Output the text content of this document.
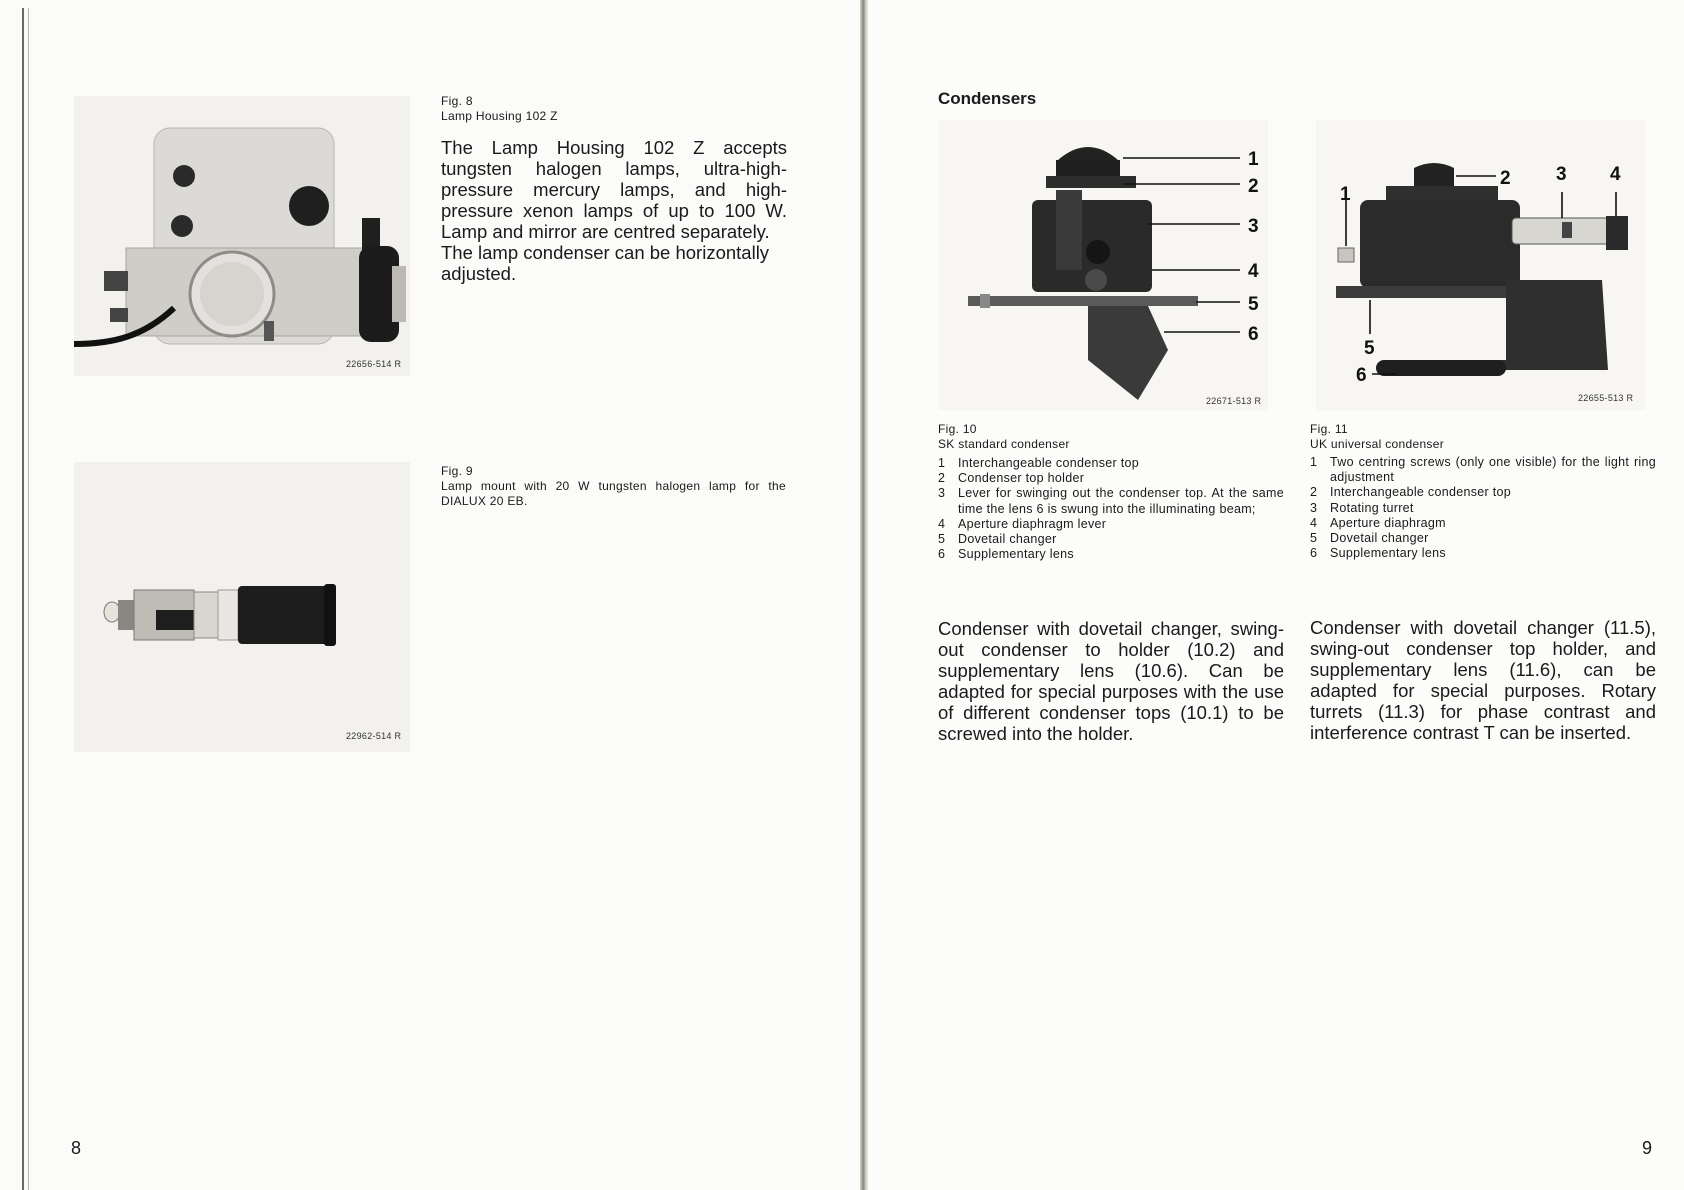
22656-514 R
Fig. 8
Lamp Housing 102 Z
The Lamp Housing 102 Z accepts tungsten halogen lamps, ultra-high-pressure mercury lamps, and high-pressure xenon lamps of up to 100 W. Lamp and mirror are centred separately.
The lamp condenser can be horizontally adjusted.
22962-514 R
Fig. 9
Lamp mount with 20 W tungsten halogen lamp for the DIALUX 20 EB.
8
Condensers
1
2
3
4
5
6
22671-513 R
1
2 3 4
5
6
22655-513 R
Fig. 10
SK standard condenser
1 Interchangeable condenser top
2 Condenser top holder
3 Lever for swinging out the condenser top. At the same time the lens 6 is swung into the illuminating beam;
4 Aperture diaphragm lever
5 Dovetail changer
6 Supplementary lens
Fig. 11
UK universal condenser
1 Two centring screws (only one visible) for the light ring adjustment
2 Interchangeable condenser top
3 Rotating turret
4 Aperture diaphragm
5 Dovetail changer
6 Supplementary lens
Condenser with dovetail changer, swing-out condenser to holder (10.2) and supplementary lens (10.6). Can be adapted for special purposes with the use of different condenser tops (10.1) to be screwed into the holder.
Condenser with dovetail changer (11.5), swing-out condenser top holder, and supplementary lens (11.6), can be adapted for special purposes. Rotary turrets (11.3) for phase contrast and interference contrast T can be inserted.
9
